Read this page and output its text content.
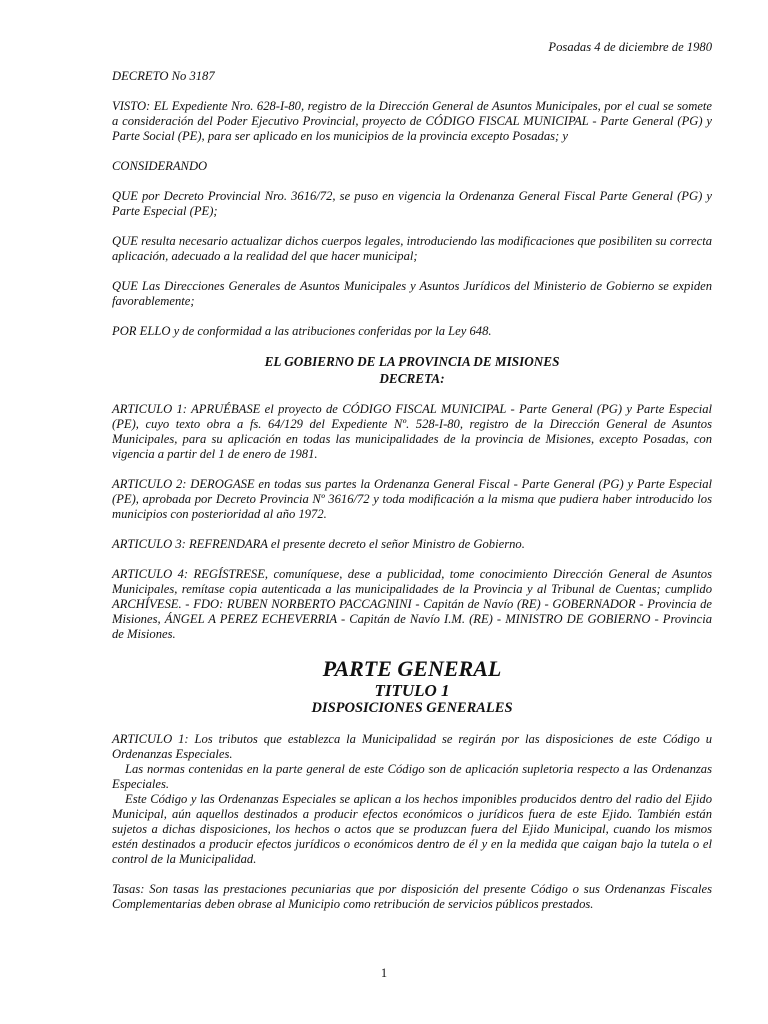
Posadas 4 de diciembre de 1980

DECRETO No 3187

VISTO: EL Expediente Nro. 628-I-80, registro de la Dirección General de Asuntos Municipales, por el cual se somete a consideración del Poder Ejecutivo Provincial, proyecto de CÓDIGO FISCAL MUNICIPAL - Parte General (PG) y Parte Social (PE), para ser aplicado en los municipios de la provincia excepto Posadas; y

CONSIDERANDO

QUE por Decreto Provincial Nro. 3616/72, se puso en vigencia la Ordenanza General Fiscal Parte General (PG) y Parte Especial (PE);

QUE resulta necesario actualizar dichos cuerpos legales, introduciendo las modificaciones que posibiliten su correcta aplicación, adecuado a la realidad del que hacer municipal;

QUE Las Direcciones Generales de Asuntos Municipales y Asuntos Jurídicos del Ministerio de Gobierno se expiden favorablemente;

POR ELLO y de conformidad a las atribuciones conferidas por la Ley 648.

EL GOBIERNO DE LA PROVINCIA DE MISIONES

DECRETA:

ARTICULO 1: APRUÉBASE el proyecto de CÓDIGO FISCAL MUNICIPAL - Parte General (PG) y Parte Especial (PE), cuyo texto obra a fs. 64/129 del Expediente Nº. 528-I-80, registro de la Dirección General de Asuntos Municipales, para su aplicación en todas las municipalidades de la provincia de Misiones, excepto Posadas, con vigencia a partir del 1 de enero de 1981.

ARTICULO 2: DEROGASE en todas sus partes la Ordenanza General Fiscal - Parte General (PG) y Parte Especial (PE), aprobada por Decreto Provincia Nº 3616/72 y toda modificación a la misma que pudiera haber introducido los municipios con posterioridad al año 1972.

ARTICULO 3: REFRENDARA el presente decreto el señor Ministro de Gobierno.

ARTICULO 4: REGÍSTRESE, comuníquese, dese a publicidad, tome conocimiento Dirección General de Asuntos Municipales, remítase copia autenticada a las municipalidades de la Provincia y al Tribunal de Cuentas; cumplido ARCHÍVESE. - FDO: RUBEN NORBERTO PACCAGNINI - Capitán de Navío (RE) - GOBERNADOR - Provincia de Misiones, ÁNGEL A PEREZ ECHEVERRIA - Capitán de Navío I.M. (RE) - MINISTRO DE GOBIERNO - Provincia de Misiones.

PARTE GENERAL

TITULO 1

DISPOSICIONES GENERALES

ARTICULO 1: Los tributos que establezca la Municipalidad se regirán por las disposiciones de este Código u Ordenanzas Especiales.

Las normas contenidas en la parte general de este Código son de aplicación supletoria respecto a las Ordenanzas Especiales.

Este Código y las Ordenanzas Especiales se aplican a los hechos imponibles producidos dentro del radio del Ejido Municipal, aún aquellos destinados a producir efectos económicos o jurídicos fuera de este Ejido. También están sujetos a dichas disposiciones, los hechos o actos que se produzcan fuera del Ejido Municipal, cuando los mismos estén destinados a producir efectos jurídicos o económicos dentro de él y en la medida que caigan bajo la tutela o el control de la Municipalidad.

Tasas: Son tasas las prestaciones pecuniarias que por disposición del presente Código o sus Ordenanzas Fiscales Complementarias deben obrase al Municipio como retribución de servicios públicos prestados.

1
